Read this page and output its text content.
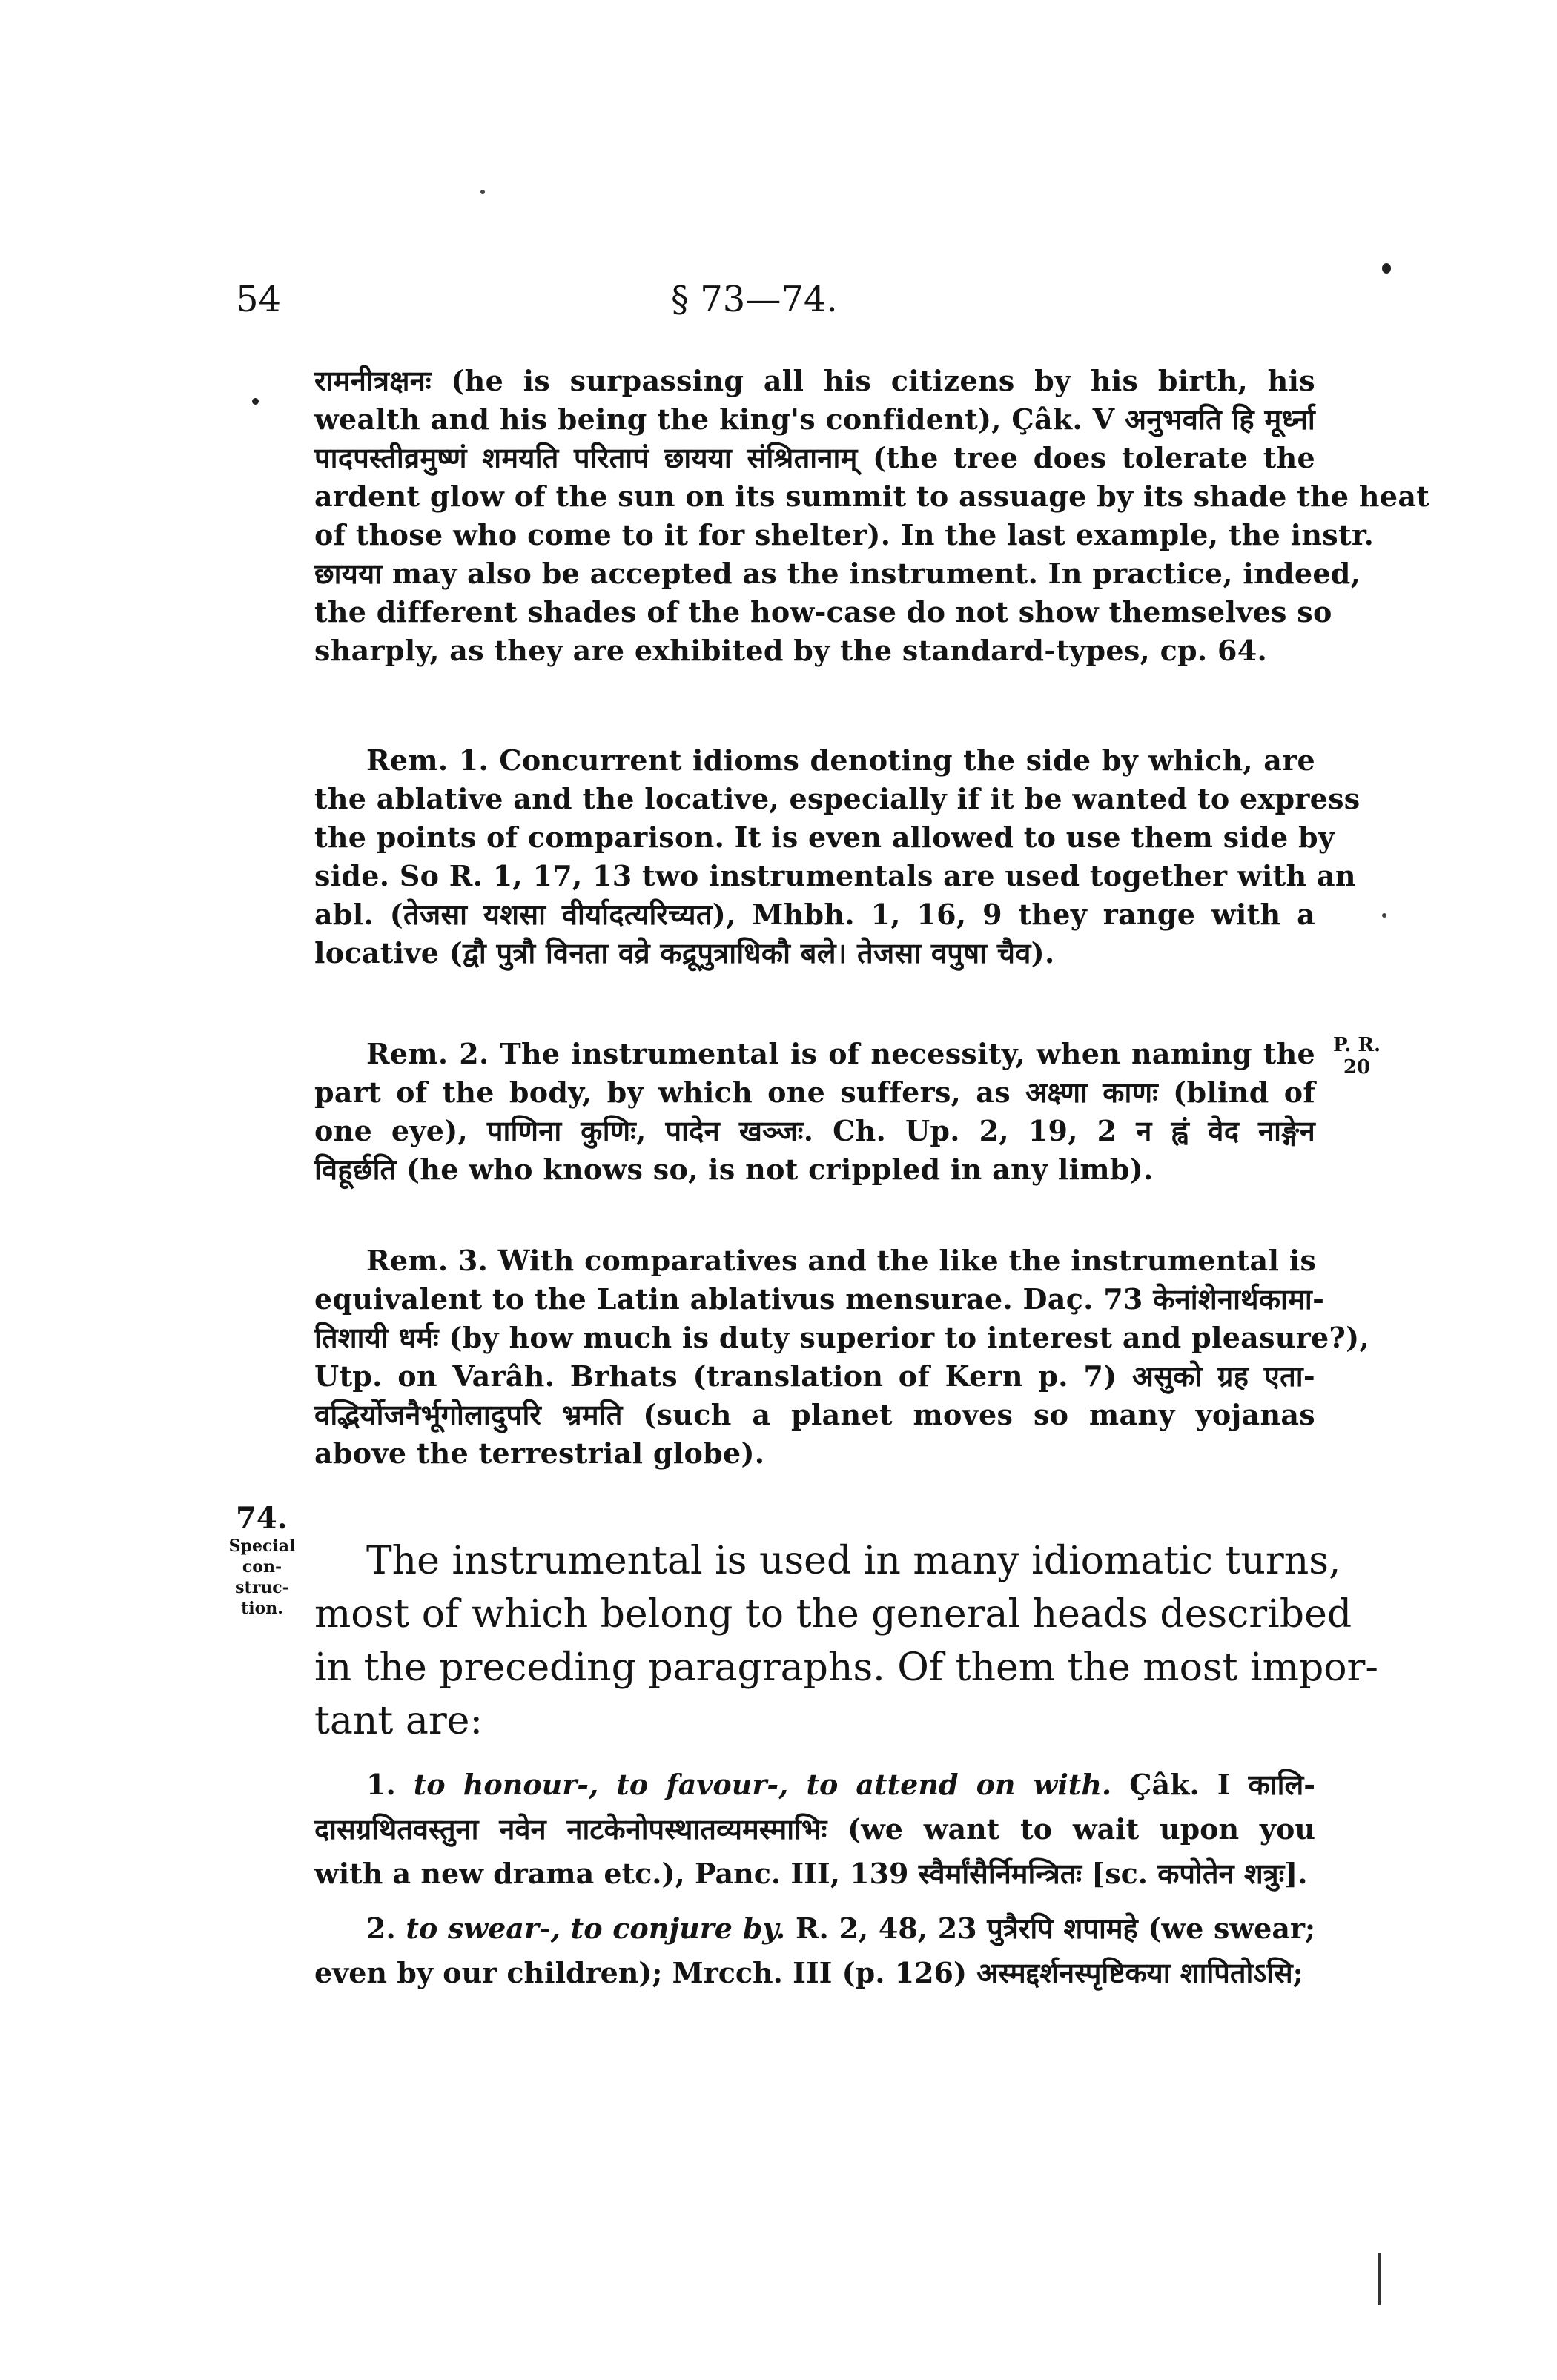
54	§ 73—74.
रामनीत्रक्षनः (he is surpassing all his citizens by his birth, his
wealth and his being the king's confident), Çâk. V अनुभवति हि मूर्ध्ना
पादपस्तीव्रमुष्णं शमयति परितापं छायया संश्रितानाम् (the tree does tolerate the
ardent glow of the sun on its summit to assuage by its shade the heat
of those who come to it for shelter). In the last example, the instr.
छायया may also be accepted as the instrument. In practice, indeed,
the different shades of the how-case do not show themselves so
sharply, as they are exhibited by the standard-types, cp. 64.
Rem. 1. Concurrent idioms denoting the side by which, are
the ablative and the locative, especially if it be wanted to express
the points of comparison. It is even allowed to use them side by
side. So R. 1, 17, 13 two instrumentals are used together with an
abl. (तेजसा यशसा वीर्यादत्यरिच्यत), Mhbh. 1, 16, 9 they range with a
locative (द्वौ पुत्रौ विनता वव्रे कद्रूपुत्राधिकौ बले। तेजसा वपुषा चैव).
Rem. 2. The instrumental is of necessity, when naming the
part of the body, by which one suffers, as अक्ष्णा काणः (blind of
one eye), पाणिना कुणिः, पादेन खञ्जः. Ch. Up. 2, 19, 2 न ह्वं वेद नाङ्गेन
विहूर्छति (he who knows so, is not crippled in any limb).
P. R.
20
Rem. 3. With comparatives and the like the instrumental is
equivalent to the Latin ablativus mensurae. Daç. 73 केनांशेनार्थकामा-
तिशायी धर्मः (by how much is duty superior to interest and pleasure?),
Utp. on Varâh. Brhats (translation of Kern p. 7) असुको ग्रह एता-
वद्भिर्योजनैर्भूगोलादुपरि भ्रमति (such a planet moves so many yojanas
above the terrestrial globe).
74.
Special
con-
struc-
tion.
The instrumental is used in many idiomatic turns,
most of which belong to the general heads described
in the preceding paragraphs. Of them the most impor-
tant are:
1. to honour-, to favour-, to attend on with. Çâk. I कालि-
दासग्रथितवस्तुना नवेन नाटकेनोपस्थातव्यमस्माभिः (we want to wait upon you
with a new drama etc.), Panc. III, 139 स्वैर्मांसैर्निमन्त्रितः [sc. कपोतेन शत्रुः].
2. to swear-, to conjure by. R. 2, 48, 23 पुत्रैरपि शपामहे (we swear;
even by our children); Mrcch. III (p. 126) अस्मद्दर्शनस्पृष्टिकया शापितोऽसि;
